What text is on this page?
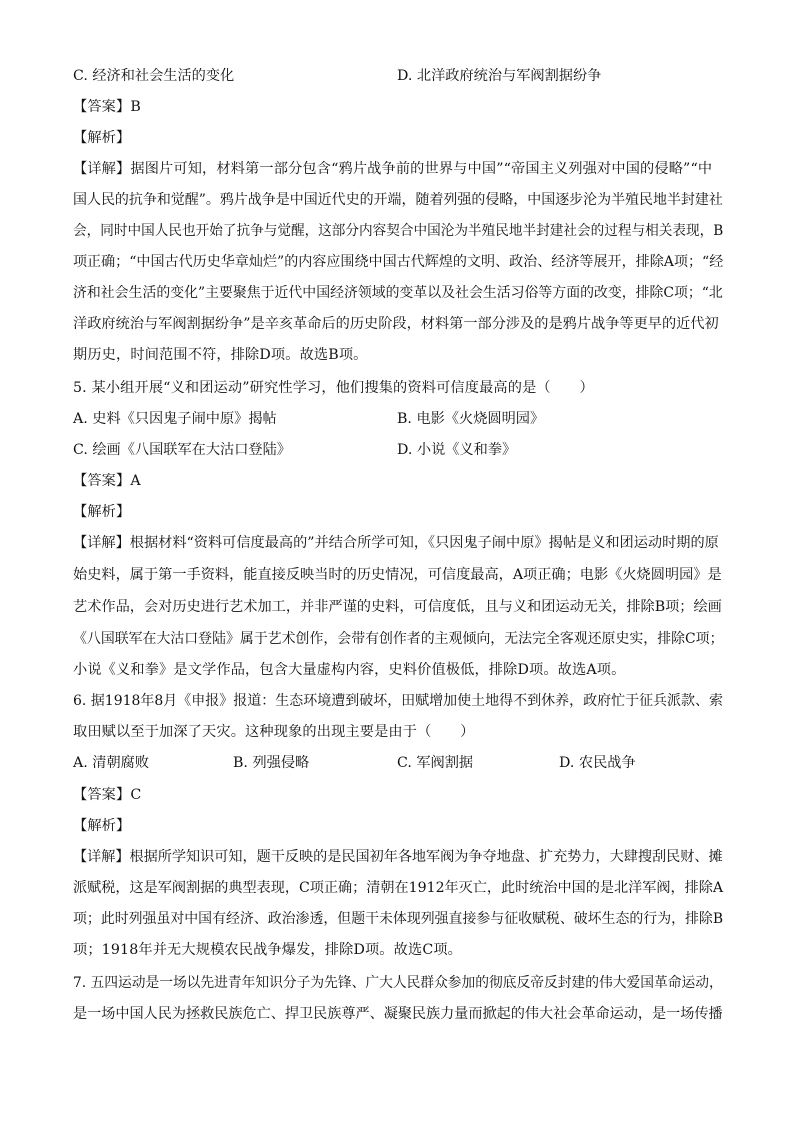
C. 经济和社会生活的变化	D. 北洋政府统治与军阀割据纷争
【答案】B
【解析】
【详解】据图片可知，材料第一部分包含“鸦片战争前的世界与中国”“帝国主义列强对中国的侵略”“中
国人民的抗争和觉醒”。鸦片战争是中国近代史的开端，随着列强的侵略，中国逐步沦为半殖民地半封建社
会，同时中国人民也开始了抗争与觉醒，这部分内容契合中国沦为半殖民地半封建社会的过程与相关表现，B
项正确；“中国古代历史华章灿烂”的内容应围绕中国古代辉煌的文明、政治、经济等展开，排除A项；“经
济和社会生活的变化”主要聚焦于近代中国经济领域的变革以及社会生活习俗等方面的改变，排除C项；“北
洋政府统治与军阀割据纷争”是辛亥革命后的历史阶段，材料第一部分涉及的是鸦片战争等更早的近代初
期历史，时间范围不符，排除D项。故选B项。
5. 某小组开展“义和团运动”研究性学习，他们搜集的资料可信度最高的是（　　）
A. 史料《只因鬼子闹中原》揭帖	B. 电影《火烧圆明园》
C. 绘画《八国联军在大沽口登陆》	D. 小说《义和拳》
【答案】A
【解析】
【详解】根据材料“资料可信度最高的”并结合所学可知，《只因鬼子闹中原》揭帖是义和团运动时期的原
始史料，属于第一手资料，能直接反映当时的历史情况，可信度最高，A项正确；电影《火烧圆明园》是
艺术作品，会对历史进行艺术加工，并非严谨的史料，可信度低，且与义和团运动无关，排除B项；绘画
《八国联军在大沽口登陆》属于艺术创作，会带有创作者的主观倾向，无法完全客观还原史实，排除C项；
小说《义和拳》是文学作品，包含大量虚构内容，史料价值极低，排除D项。故选A项。
6. 据1918年8月《申报》报道：生态环境遭到破坏，田赋增加使土地得不到休养，政府忙于征兵派款、索
取田赋以至于加深了天灾。这种现象的出现主要是由于（　　）
A. 清朝腐败	B. 列强侵略	C. 军阀割据	D. 农民战争
【答案】C
【解析】
【详解】根据所学知识可知，题干反映的是民国初年各地军阀为争夺地盘、扩充势力，大肆搜刮民财、摊
派赋税，这是军阀割据的典型表现，C项正确；清朝在1912年灭亡，此时统治中国的是北洋军阀，排除A
项；此时列强虽对中国有经济、政治渗透，但题干未体现列强直接参与征收赋税、破坏生态的行为，排除B
项；1918年并无大规模农民战争爆发，排除D项。故选C项。
7. 五四运动是一场以先进青年知识分子为先锋、广大人民群众参加的彻底反帝反封建的伟大爱国革命运动，
是一场中国人民为拯救民族危亡、捍卫民族尊严、凝聚民族力量而掀起的伟大社会革命运动，是一场传播
